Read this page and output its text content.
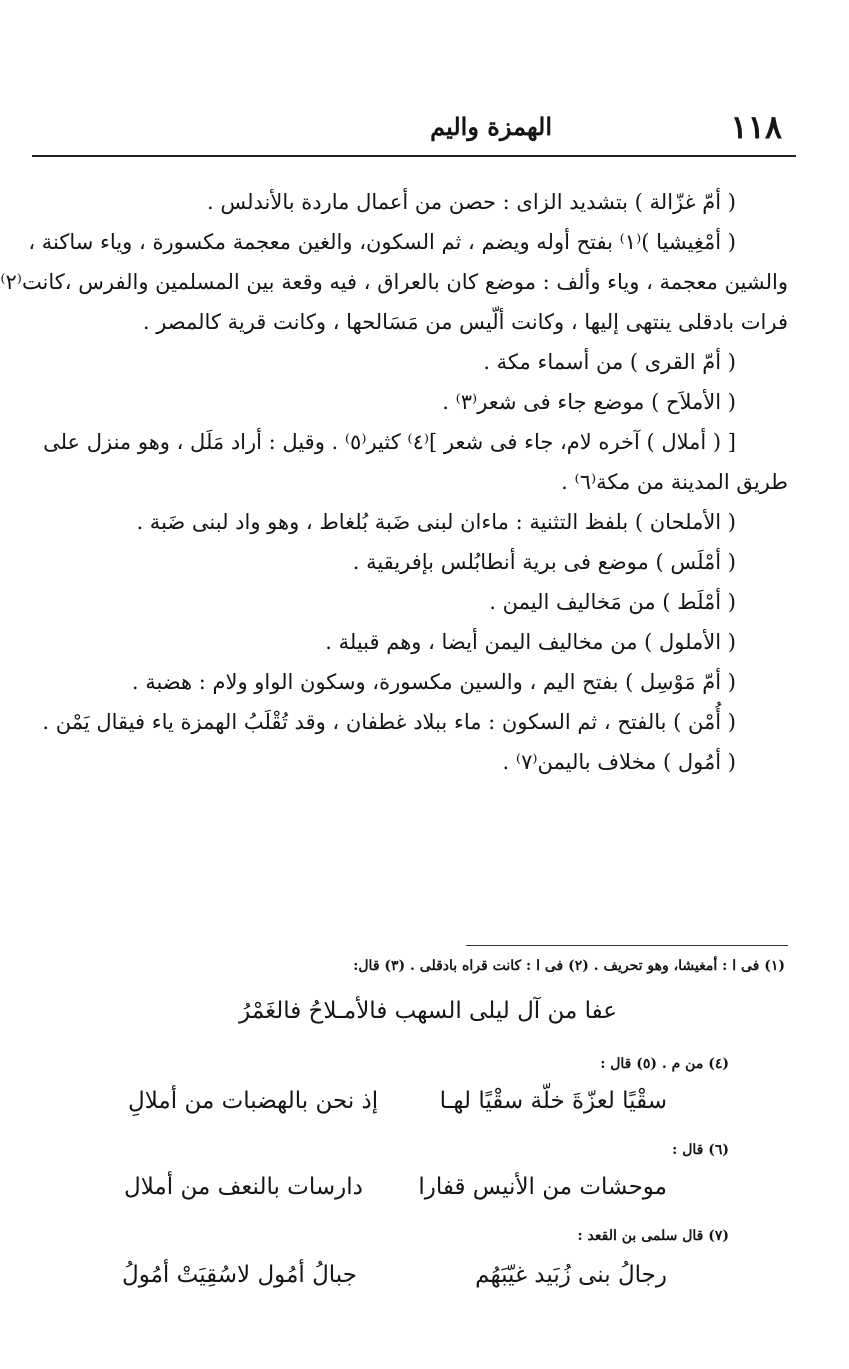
١١٨
الهمزة واليم
( أمّ غزّالة ) بتشديد الزاى : حصن من أعمال ماردة بالأندلس .
( أمْغِيشيا )⁽١⁾ بفتح أوله ويضم ، ثم السكون، والغين معجمة مكسورة ، وياء ساكنة ،
والشين معجمة ، وياء وألف : موضع كان بالعراق ، فيه وقعة بين المسلمين والفرس ،كانت⁽٢⁾
فرات بادقلى ينتهى إليها ، وكانت ألّيس من مَسَالحها ، وكانت قرية كالمصر .
( أمّ القرى ) من أسماء مكة .
( الأملاَح ) موضع جاء فى شعر⁽٣⁾ .
[ ( أملال ) آخره لام، جاء فى شعر ]⁽٤⁾ كثير⁽٥⁾ . وقيل : أراد مَلَل ، وهو منزل على
طريق المدينة من مكة⁽٦⁾ .
( الأملحان ) بلفظ التثنية : ماءان لبنى ضَبة بُلغاط ، وهو واد لبنى ضَبة .
( أمْلَس ) موضع فى برية أنطابُلس بإفريقية .
( أمْلَط ) من مَخاليف اليمن .
( الأملول ) من مخاليف اليمن أيضا ، وهم قبيلة .
( أمّ مَوْسِل ) بفتح اليم ، والسين مكسورة، وسكون الواو ولام : هضبة .
( أُمْن ) بالفتح ، ثم السكون : ماء ببلاد غطفان ، وقد تُقْلَبُ الهمزة ياء فيقال يَمْن .
( أمُول ) مخلاف باليمن⁽٧⁾ .
(١) فى ا : أمغيشا، وهو تحريف . (٢) فى ا : كانت قراه بادقلى . (٣) قال:
عفا من آل ليلى السهب فالأمـلاحُ فالغَمْرُ
(٤) من م . (٥) قال :
سقْيًا لعزّةَ خلّة سقْيًا لهـا
إذ نحن بالهضبات من أملالِ
(٦) قال :
موحشات من الأنيس قفارا
دارسات بالنعف من أملال
(٧) قال سلمى بن القعد :
رجالُ بنى زُبَيد غيّبَهُم
جبالُ أمُول لاسُقِيَتْ أمُولُ
